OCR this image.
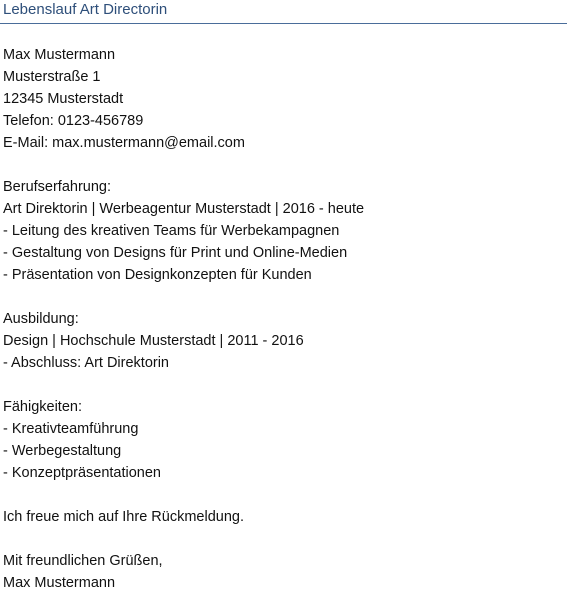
Lebenslauf Art Directorin
Max Mustermann
Musterstraße 1
12345 Musterstadt
Telefon: 0123-456789
E-Mail: max.mustermann@email.com
Berufserfahrung:
Art Direktorin | Werbeagentur Musterstadt | 2016 - heute
- Leitung des kreativen Teams für Werbekampagnen
- Gestaltung von Designs für Print und Online-Medien
- Präsentation von Designkonzepten für Kunden
Ausbildung:
Design | Hochschule Musterstadt | 2011 - 2016
- Abschluss: Art Direktorin
Fähigkeiten:
- Kreativteamführung
- Werbegestaltung
- Konzeptpräsentationen
Ich freue mich auf Ihre Rückmeldung.
Mit freundlichen Grüßen,
Max Mustermann
